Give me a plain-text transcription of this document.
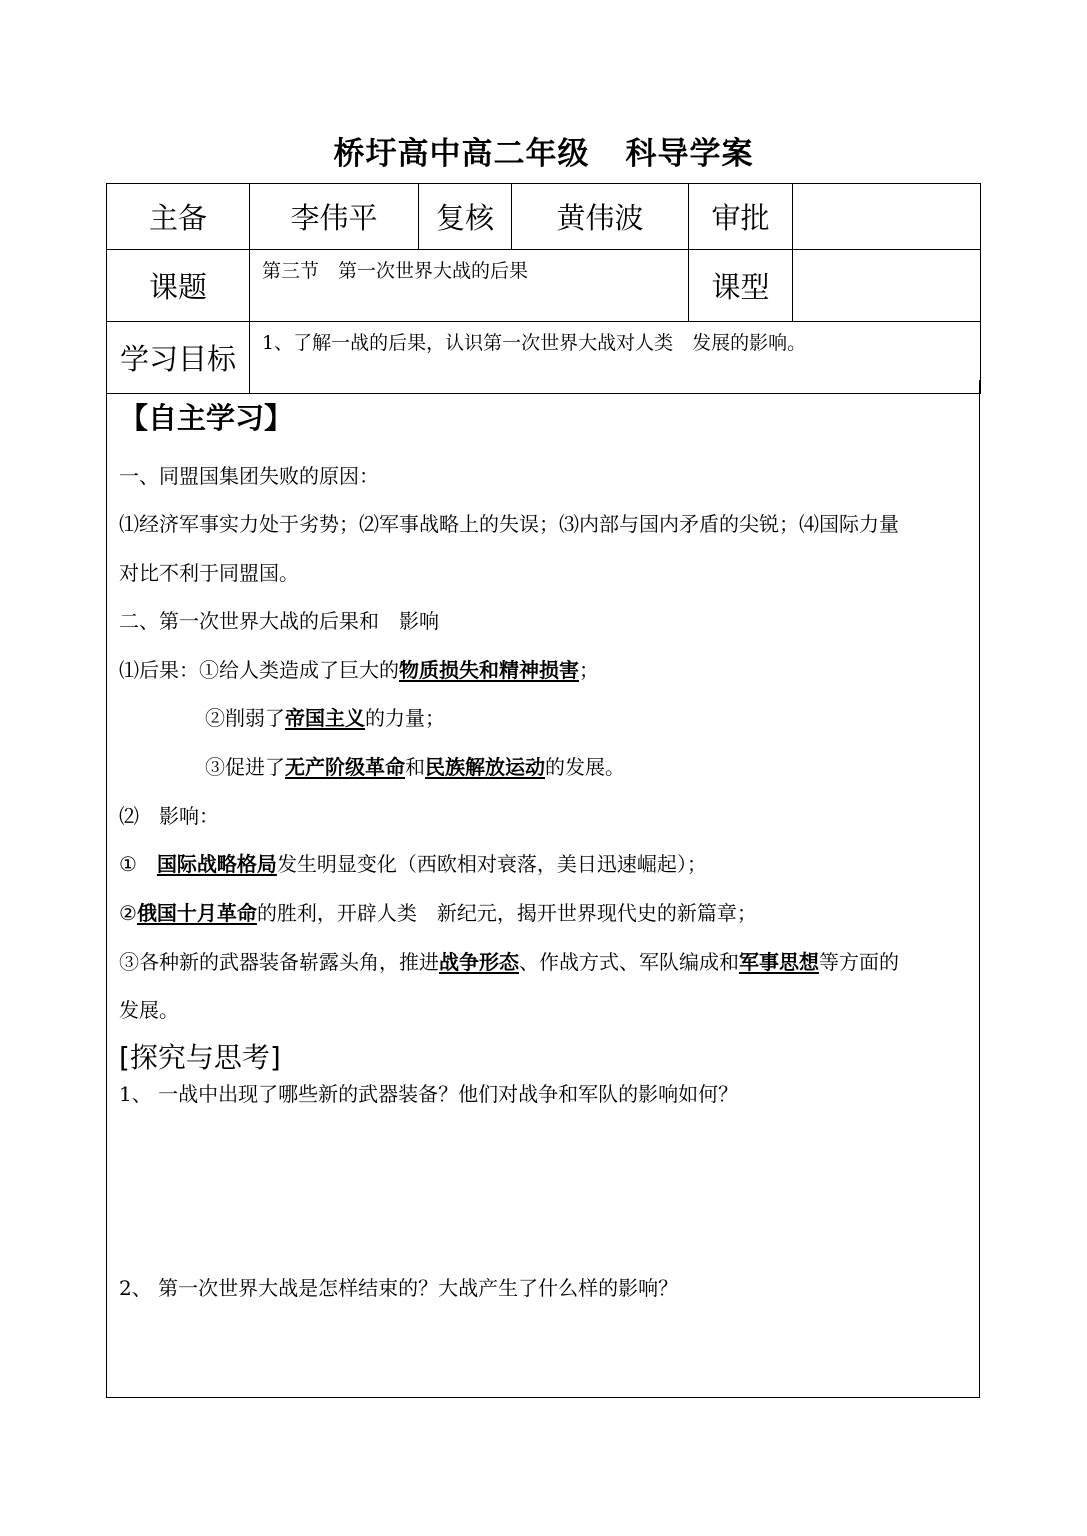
桥圩高中高二年级 科导学案
主备	李伟平	复核	黄伟波	审批	
课题	第三节　第一次世界大战的后果			课型	
学习目标	1、了解一战的后果，认识第一次世界大战对人类　发展的影响。				
【自主学习】
一、同盟国集团失败的原因：
⑴经济军事实力处于劣势；⑵军事战略上的失误；⑶内部与国内矛盾的尖锐；⑷国际力量
对比不利于同盟国。
二、第一次世界大战的后果和　影响
⑴后果：①给人类造成了巨大的物质损失和精神损害；
②削弱了帝国主义的力量；
③促进了无产阶级革命和民族解放运动的发展。
⑵　影响：
①　国际战略格局发生明显变化（西欧相对衰落，美日迅速崛起）；
②俄国十月革命的胜利，开辟人类　新纪元，揭开世界现代史的新篇章；
③各种新的武器装备崭露头角，推进战争形态、作战方式、军队编成和军事思想等方面的
发展。
[探究与思考]
1、 一战中出现了哪些新的武器装备？他们对战争和军队的影响如何？
2、 第一次世界大战是怎样结束的？大战产生了什么样的影响？
